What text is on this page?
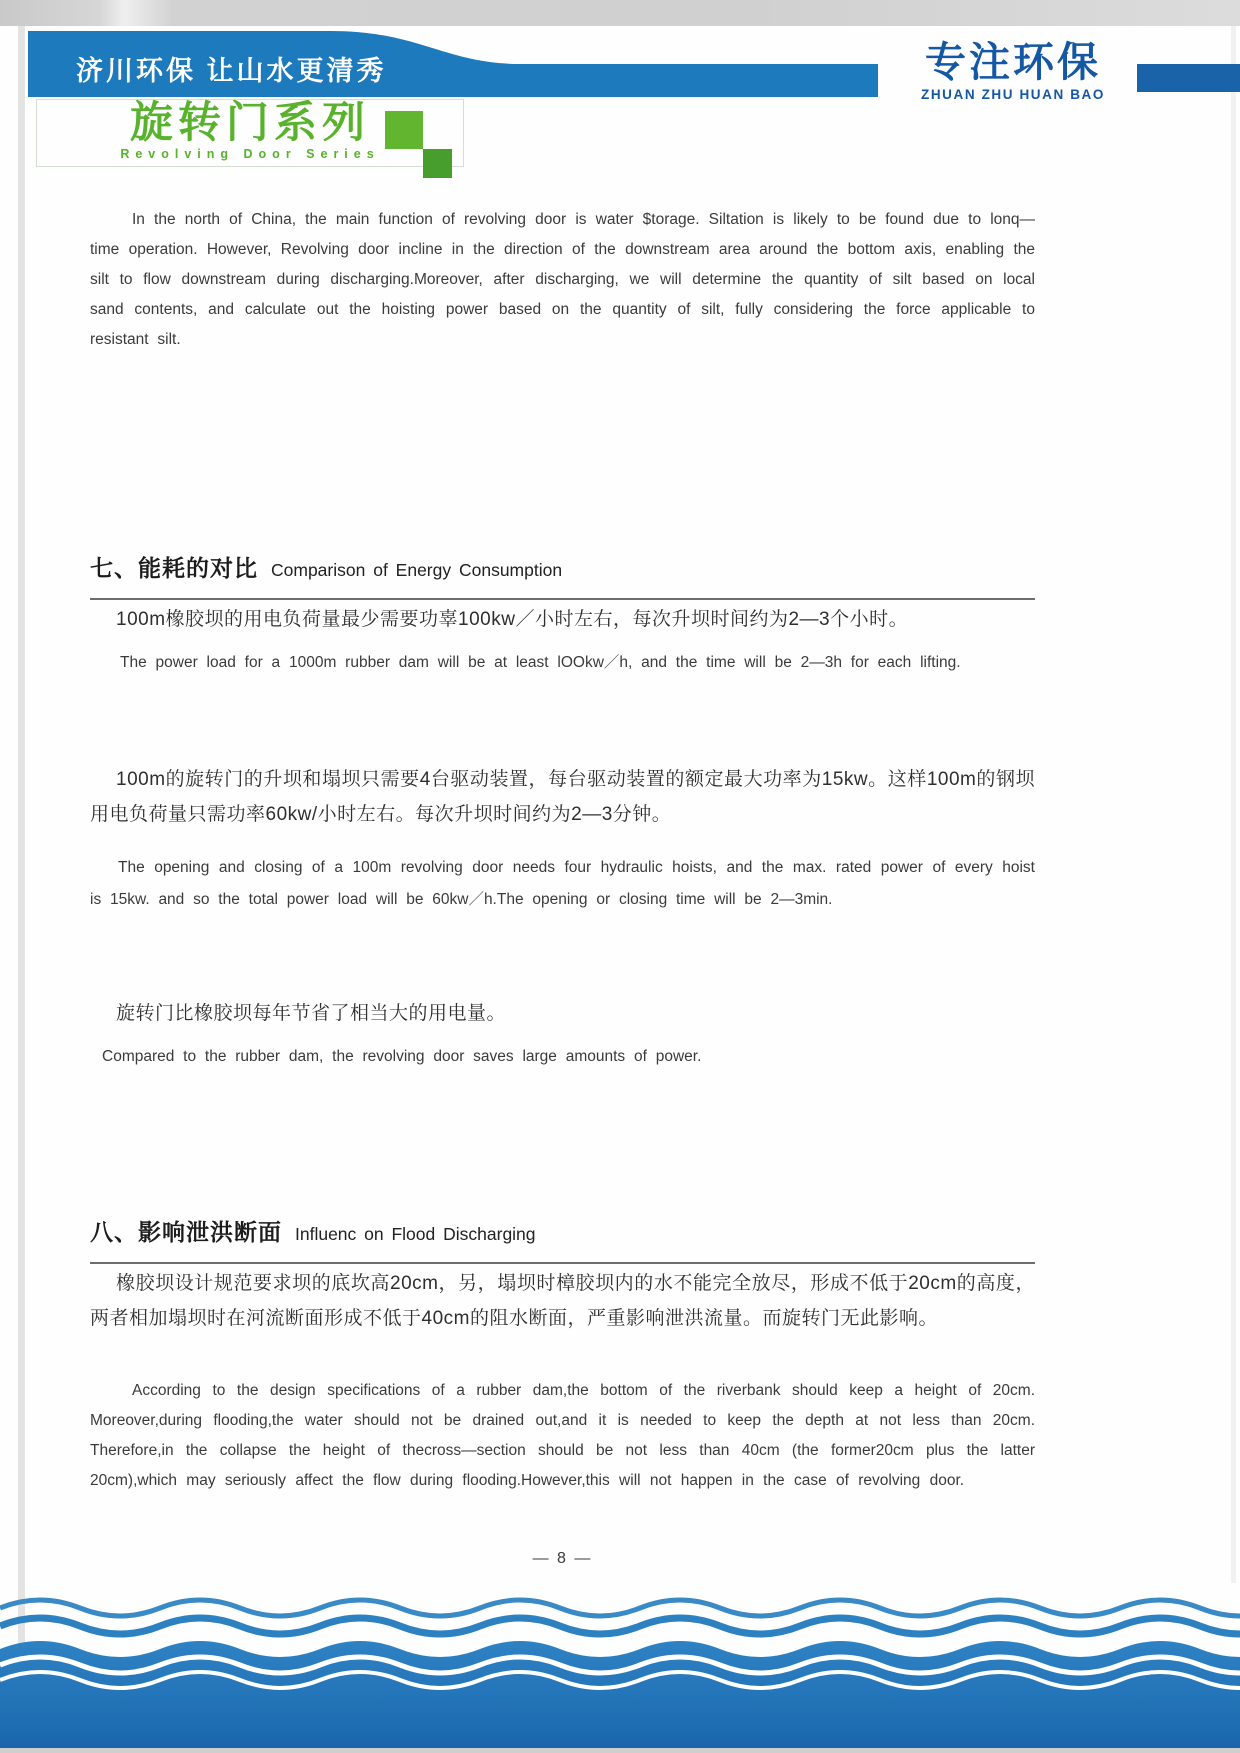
济川环保 让山水更清秀	专注环保
ZHUAN ZHU HUAN BAO
旋转门系列
Revolving Door Series
In the north of China, the main function of revolving door is water $torage. Siltation is likely to be found due to lonq—time operation. However, Revolving door incline in the direction of the downstream area around the bottom axis, enabling the silt to flow downstream during discharging.Moreover, after discharging, we will determine the quantity of silt based on local sand contents, and calculate out the hoisting power based on the quantity of silt, fully considering the force applicable to resistant silt.
七、能耗的对比 Comparison of Energy Consumption
100m橡胶坝的用电负荷量最少需要功辜100kw／小时左右，每次升坝时间约为2—3个小时。
The power load for a 1000m rubber dam will be at least lOOkw／h, and the time will be 2—3h for each lifting.
100m的旋转门的升坝和塌坝只需要4台驱动装置，每台驱动装置的额定最大功率为15kw。这样100m的钢坝用电负荷量只需功率60kw/小时左右。每次升坝时间约为2—3分钟。
The opening and closing of a 100m revolving door needs four hydraulic hoists, and the max. rated power of every hoist is 15kw. and so the total power load will be 60kw／h.The opening or closing time will be 2—3min.
旋转门比橡胶坝每年节省了相当大的用电量。
Compared to the rubber dam, the revolving door saves large amounts of power.
八、影响泄洪断面 Influenc on Flood Discharging
橡胶坝设计规范要求坝的底坎高20cm，另，塌坝时樟胶坝内的水不能完全放尽，形成不低于20cm的高度，两者相加塌坝时在河流断面形成不低于40cm的阻水断面，严重影响泄洪流量。而旋转门无此影响。
According to the design specifications of a rubber dam,the bottom of the riverbank should keep a height of 20cm. Moreover,during flooding,the water should not be drained out,and it is needed to keep the depth at not less than 20cm. Therefore,in the collapse the height of thecross—section should be not less than 40cm (the former20cm plus the latter 20cm),which may seriously affect the flow during flooding.However,this will not happen in the case of revolving door.
— 8 —
